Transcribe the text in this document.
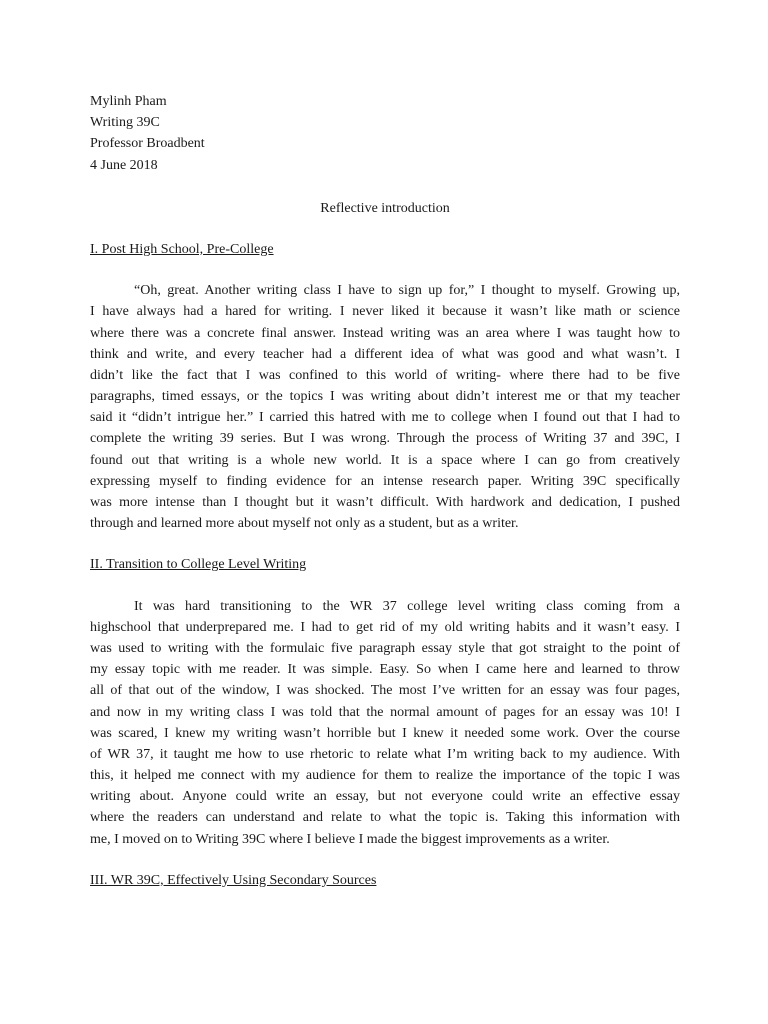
Mylinh Pham
Writing 39C
Professor Broadbent
4 June 2018
Reflective introduction
I. Post High School, Pre-College
“Oh, great. Another writing class I have to sign up for,” I thought to myself. Growing up,
I have always had a hared for writing. I never liked it because it wasn’t like math or science
where there was a concrete final answer. Instead writing was an area where I was taught how to
think and write, and every teacher had a different idea of what was good and what wasn’t. I
didn’t like the fact that I was confined to this world of writing- where there had to be five
paragraphs, timed essays, or the topics I was writing about didn’t interest me or that my teacher
said it “didn’t intrigue her.” I carried this hatred with me to college when I found out that I had to
complete the writing 39 series. But I was wrong. Through the process of Writing 37 and 39C, I
found out that writing is a whole new world. It is a space where I can go from creatively
expressing myself to finding evidence for an intense research paper. Writing 39C specifically
was more intense than I thought but it wasn’t difficult. With hardwork and dedication, I pushed
through and learned more about myself not only as a student, but as a writer.
II. Transition to College Level Writing
It was hard transitioning to the WR 37 college level writing class coming from a
highschool that underprepared me. I had to get rid of my old writing habits and it wasn’t easy. I
was used to writing with the formulaic five paragraph essay style that got straight to the point of
my essay topic with me reader. It was simple. Easy. So when I came here and learned to throw
all of that out of the window, I was shocked. The most I’ve written for an essay was four pages,
and now in my writing class I was told that the normal amount of pages for an essay was 10! I
was scared, I knew my writing wasn’t horrible but I knew it needed some work. Over the course
of WR 37, it taught me how to use rhetoric to relate what I’m writing back to my audience. With
this, it helped me connect with my audience for them to realize the importance of the topic I was
writing about. Anyone could write an essay, but not everyone could write an effective essay
where the readers can understand and relate to what the topic is. Taking this information with
me, I moved on to Writing 39C where I believe I made the biggest improvements as a writer.
III. WR 39C, Effectively Using Secondary Sources
